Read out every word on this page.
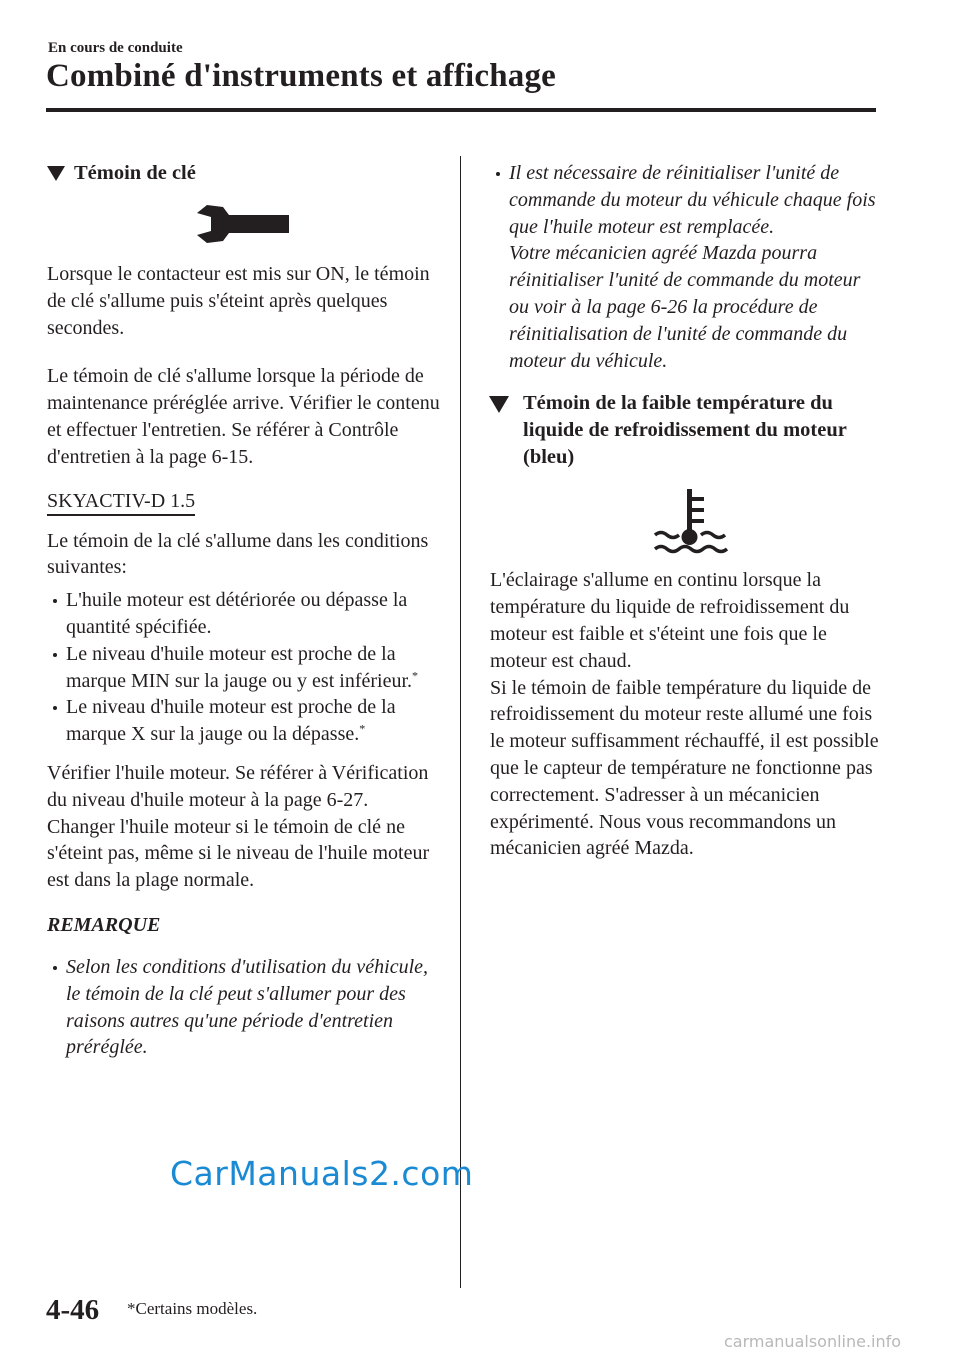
En cours de conduite
Combiné d'instruments et affichage
Témoin de clé

Lorsque le contacteur est mis sur ON, le témoin de clé s'allume puis s'éteint après quelques secondes.

Le témoin de clé s'allume lorsque la période de maintenance préréglée arrive. Vérifier le contenu et effectuer l'entretien. Se référer à Contrôle d'entretien à la page 6-15.

SKYACTIV-D 1.5

Le témoin de la clé s'allume dans les conditions suivantes:

L'huile moteur est détériorée ou dépasse la quantité spécifiée.
Le niveau d'huile moteur est proche de la marque MIN sur la jauge ou y est inférieur.*
Le niveau d'huile moteur est proche de la marque X sur la jauge ou la dépasse.*

Vérifier l'huile moteur. Se référer à Vérification du niveau d'huile moteur à la page 6-27.

Changer l'huile moteur si le témoin de clé ne s'éteint pas, même si le niveau de l'huile moteur est dans la plage normale.

REMARQUE
Selon les conditions d'utilisation du véhicule, le témoin de la clé peut s'allumer pour des raisons autres qu'une période d'entretien préréglée.
Il est nécessaire de réinitialiser l'unité de commande du moteur du véhicule chaque fois que l'huile moteur est remplacée.
Votre mécanicien agréé Mazda pourra réinitialiser l'unité de commande du moteur ou voir à la page 6-26 la procédure de réinitialisation de l'unité de commande du moteur du véhicule.
Témoin de la faible température du liquide de refroidissement du moteur (bleu)

L'éclairage s'allume en continu lorsque la température du liquide de refroidissement du moteur est faible et s'éteint une fois que le moteur est chaud.

Si le témoin de faible température du liquide de refroidissement du moteur reste allumé une fois le moteur suffisamment réchauffé, il est possible que le capteur de température ne fonctionne pas correctement. S'adresser à un mécanicien expérimenté. Nous vous recommandons un mécanicien agréé Mazda.

CarManuals2.com
4-46 *Certains modèles.
carmanualsonline.info
